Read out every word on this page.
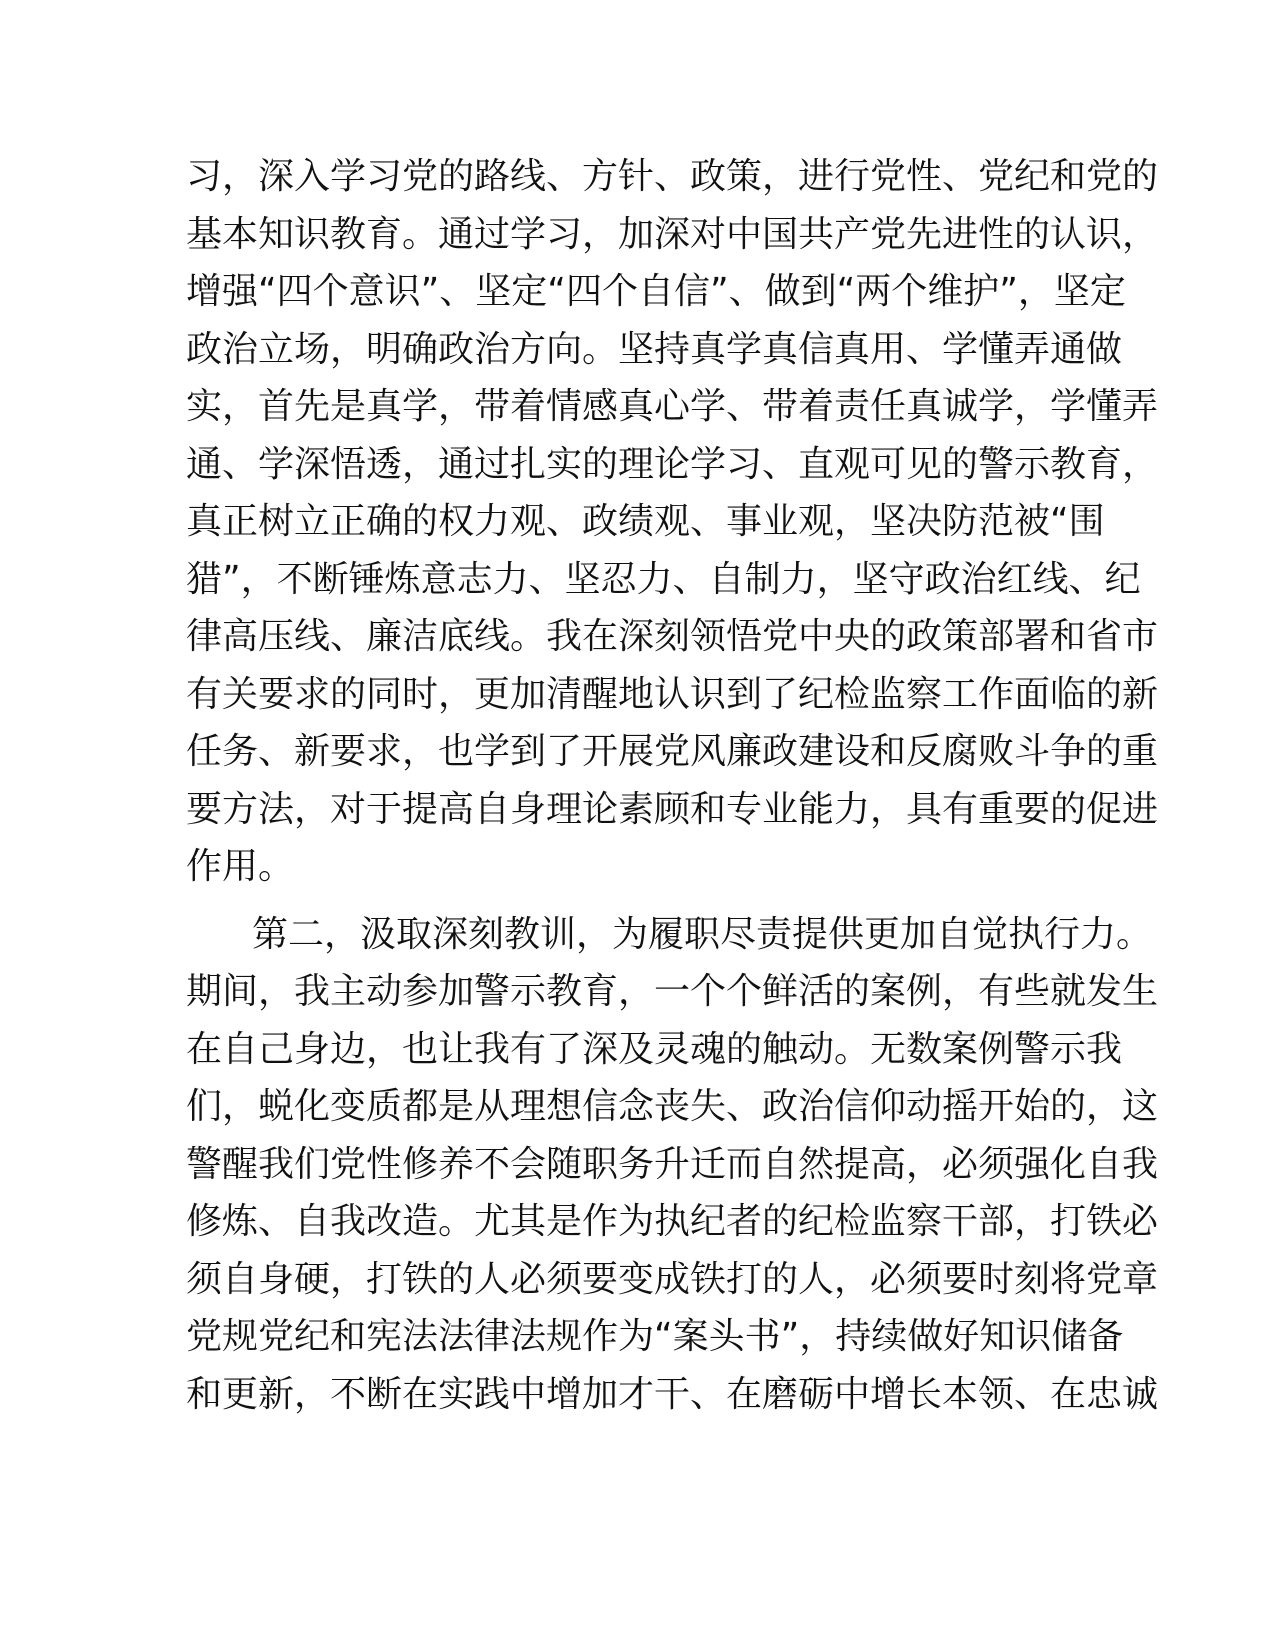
习，深入学习党的路线、方针、政策，进行党性、党纪和党的
基本知识教育。通过学习，加深对中国共产党先进性的认识，
增强“四个意识”、坚定“四个自信”、做到“两个维护”，坚定
政治立场，明确政治方向。坚持真学真信真用、学懂弄通做
实，首先是真学，带着情感真心学、带着责任真诚学，学懂弄
通、学深悟透，通过扎实的理论学习、直观可见的警示教育，
真正树立正确的权力观、政绩观、事业观，坚决防范被“围
猎”，不断锤炼意志力、坚忍力、自制力，坚守政治红线、纪
律高压线、廉洁底线。我在深刻领悟党中央的政策部署和省市
有关要求的同时，更加清醒地认识到了纪检监察工作面临的新
任务、新要求，也学到了开展党风廉政建设和反腐败斗争的重
要方法，对于提高自身理论素顾和专业能力，具有重要的促进
作用。
第二，汲取深刻教训，为履职尽责提供更加自觉执行力。
期间，我主动参加警示教育，一个个鲜活的案例，有些就发生
在自己身边，也让我有了深及灵魂的触动。无数案例警示我
们，蜕化变质都是从理想信念丧失、政治信仰动摇开始的，这
警醒我们党性修养不会随职务升迁而自然提高，必须强化自我
修炼、自我改造。尤其是作为执纪者的纪检监察干部，打铁必
须自身硬，打铁的人必须要变成铁打的人，必须要时刻将党章
党规党纪和宪法法律法规作为“案头书”，持续做好知识储备
和更新，不断在实践中增加才干、在磨砺中增长本领、在忠诚
